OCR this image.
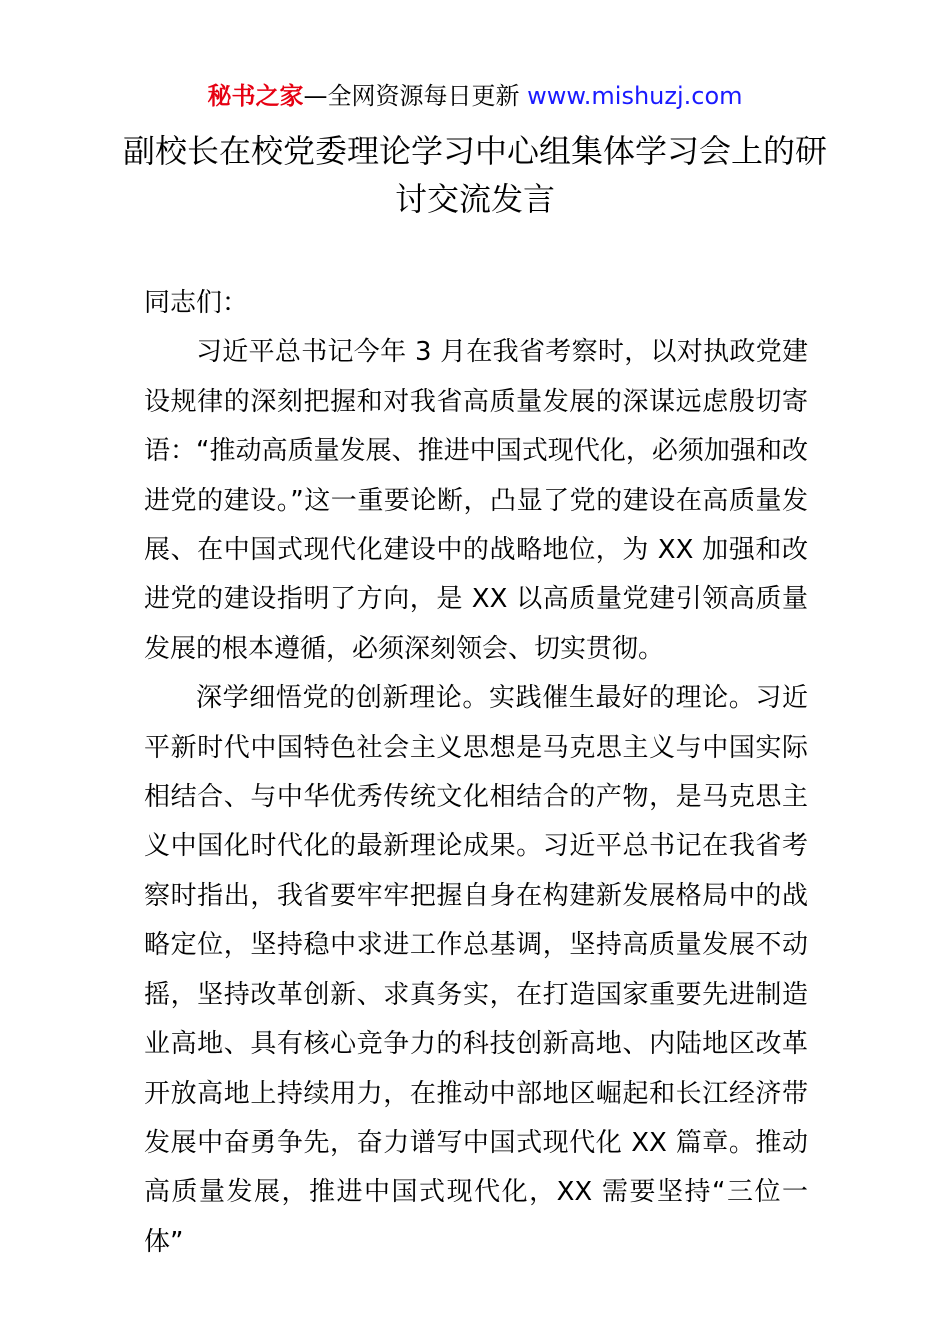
秘书之家—全网资源每日更新 www.mishuzj.com
副校长在校党委理论学习中心组集体学习会上的研讨交流发言

同志们：

习近平总书记今年 3 月在我省考察时，以对执政党建设规律的深刻把握和对我省高质量发展的深谋远虑殷切寄语：“推动高质量发展、推进中国式现代化，必须加强和改进党的建设。”这一重要论断，凸显了党的建设在高质量发展、在中国式现代化建设中的战略地位，为 XX 加强和改进党的建设指明了方向，是 XX 以高质量党建引领高质量发展的根本遵循，必须深刻领会、切实贯彻。

深学细悟党的创新理论。实践催生最好的理论。习近平新时代中国特色社会主义思想是马克思主义与中国实际相结合、与中华优秀传统文化相结合的产物，是马克思主义中国化时代化的最新理论成果。习近平总书记在我省考察时指出，我省要牢牢把握自身在构建新发展格局中的战略定位，坚持稳中求进工作总基调，坚持高质量发展不动摇，坚持改革创新、求真务实，在打造国家重要先进制造业高地、具有核心竞争力的科技创新高地、内陆地区改革开放高地上持续用力，在推动中部地区崛起和长江经济带发展中奋勇争先，奋力谱写中国式现代化 XX 篇章。推动高质量发展，推进中国式现代化，XX 需要坚持“三位一体”
